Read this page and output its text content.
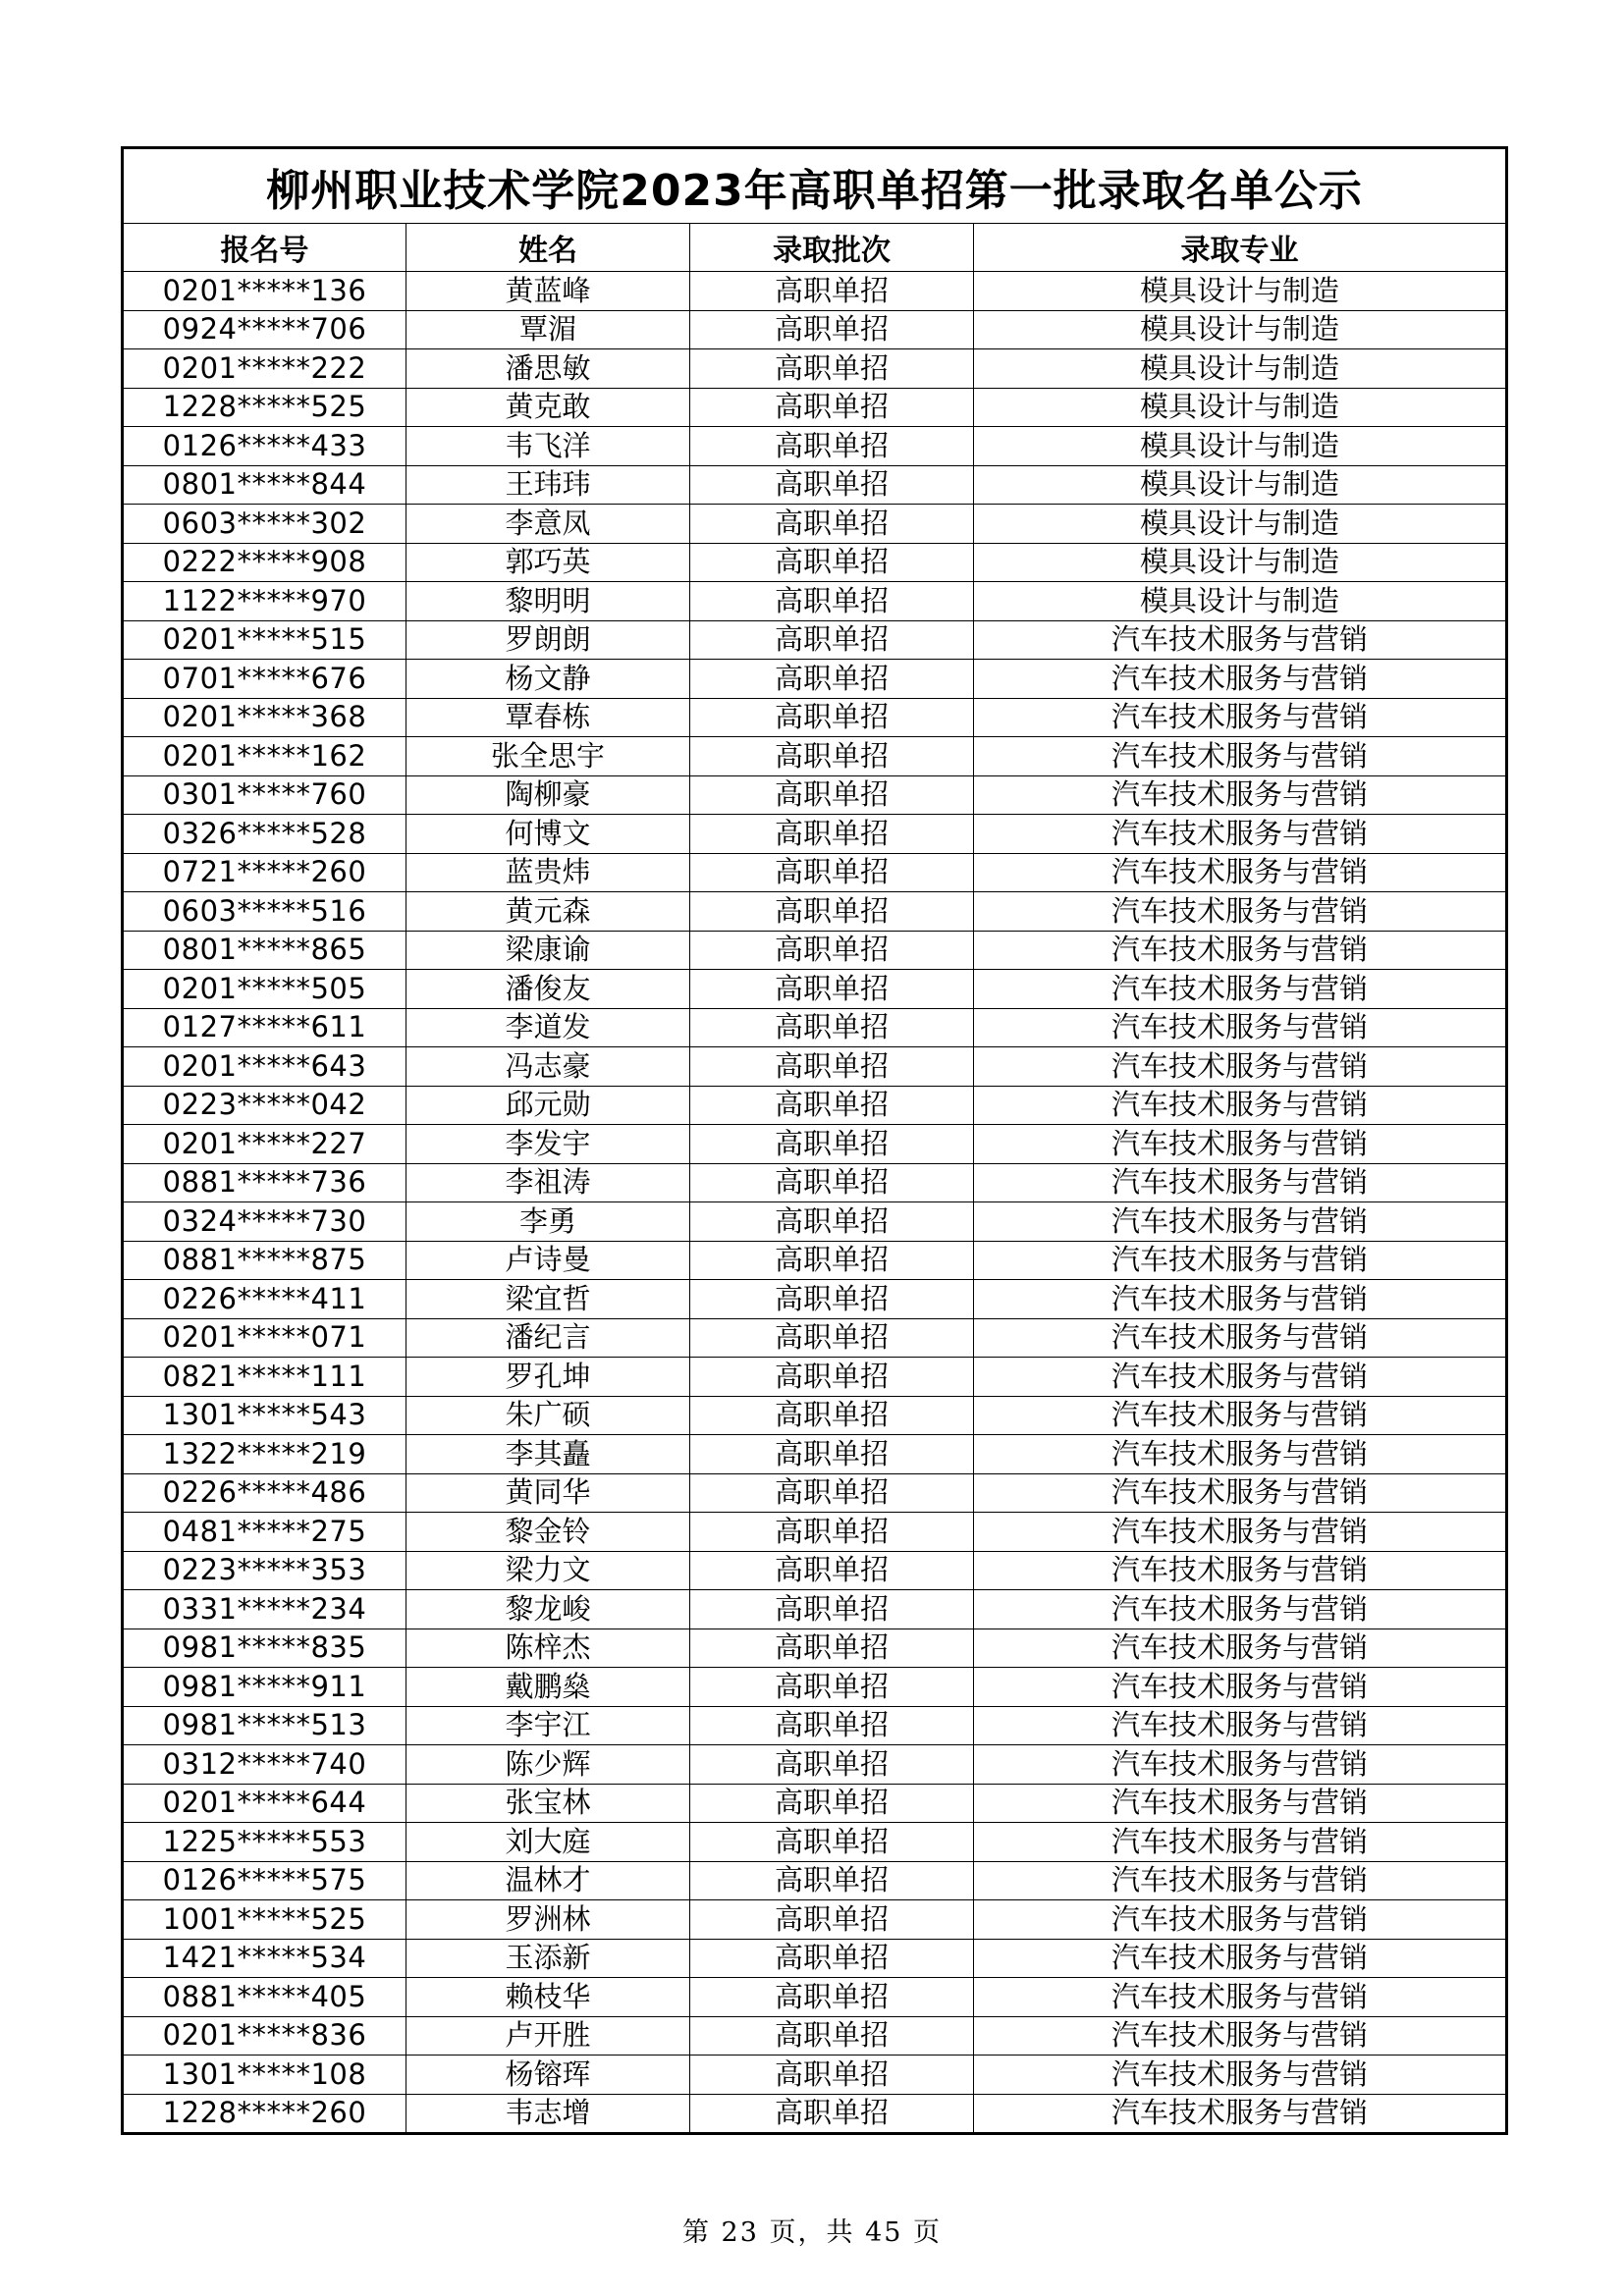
柳州职业技术学院2023年高职单招第一批录取名单公示			
报名号	姓名	录取批次	录取专业
0201*****136	黄蓝峰	高职单招	模具设计与制造
0924*****706	覃湄	高职单招	模具设计与制造
0201*****222	潘思敏	高职单招	模具设计与制造
1228*****525	黄克敢	高职单招	模具设计与制造
0126*****433	韦飞洋	高职单招	模具设计与制造
0801*****844	王玮玮	高职单招	模具设计与制造
0603*****302	李意凤	高职单招	模具设计与制造
0222*****908	郭巧英	高职单招	模具设计与制造
1122*****970	黎明明	高职单招	模具设计与制造
0201*****515	罗朗朗	高职单招	汽车技术服务与营销
0701*****676	杨文静	高职单招	汽车技术服务与营销
0201*****368	覃春栋	高职单招	汽车技术服务与营销
0201*****162	张全思宇	高职单招	汽车技术服务与营销
0301*****760	陶柳豪	高职单招	汽车技术服务与营销
0326*****528	何博文	高职单招	汽车技术服务与营销
0721*****260	蓝贵炜	高职单招	汽车技术服务与营销
0603*****516	黄元森	高职单招	汽车技术服务与营销
0801*****865	梁康谕	高职单招	汽车技术服务与营销
0201*****505	潘俊友	高职单招	汽车技术服务与营销
0127*****611	李道发	高职单招	汽车技术服务与营销
0201*****643	冯志豪	高职单招	汽车技术服务与营销
0223*****042	邱元勋	高职单招	汽车技术服务与营销
0201*****227	李发宇	高职单招	汽车技术服务与营销
0881*****736	李祖涛	高职单招	汽车技术服务与营销
0324*****730	李勇	高职单招	汽车技术服务与营销
0881*****875	卢诗曼	高职单招	汽车技术服务与营销
0226*****411	梁宜哲	高职单招	汽车技术服务与营销
0201*****071	潘纪言	高职单招	汽车技术服务与营销
0821*****111	罗孔坤	高职单招	汽车技术服务与营销
1301*****543	朱广硕	高职单招	汽车技术服务与营销
1322*****219	李其矗	高职单招	汽车技术服务与营销
0226*****486	黄同华	高职单招	汽车技术服务与营销
0481*****275	黎金铃	高职单招	汽车技术服务与营销
0223*****353	梁力文	高职单招	汽车技术服务与营销
0331*****234	黎龙峻	高职单招	汽车技术服务与营销
0981*****835	陈梓杰	高职单招	汽车技术服务与营销
0981*****911	戴鹏燊	高职单招	汽车技术服务与营销
0981*****513	李宇江	高职单招	汽车技术服务与营销
0312*****740	陈少辉	高职单招	汽车技术服务与营销
0201*****644	张宝林	高职单招	汽车技术服务与营销
1225*****553	刘大庭	高职单招	汽车技术服务与营销
0126*****575	温林才	高职单招	汽车技术服务与营销
1001*****525	罗洲林	高职单招	汽车技术服务与营销
1421*****534	玉添新	高职单招	汽车技术服务与营销
0881*****405	赖枝华	高职单招	汽车技术服务与营销
0201*****836	卢开胜	高职单招	汽车技术服务与营销
1301*****108	杨镕珲	高职单招	汽车技术服务与营销
1228*****260	韦志增	高职单招	汽车技术服务与营销
第 23 页，共 45 页
